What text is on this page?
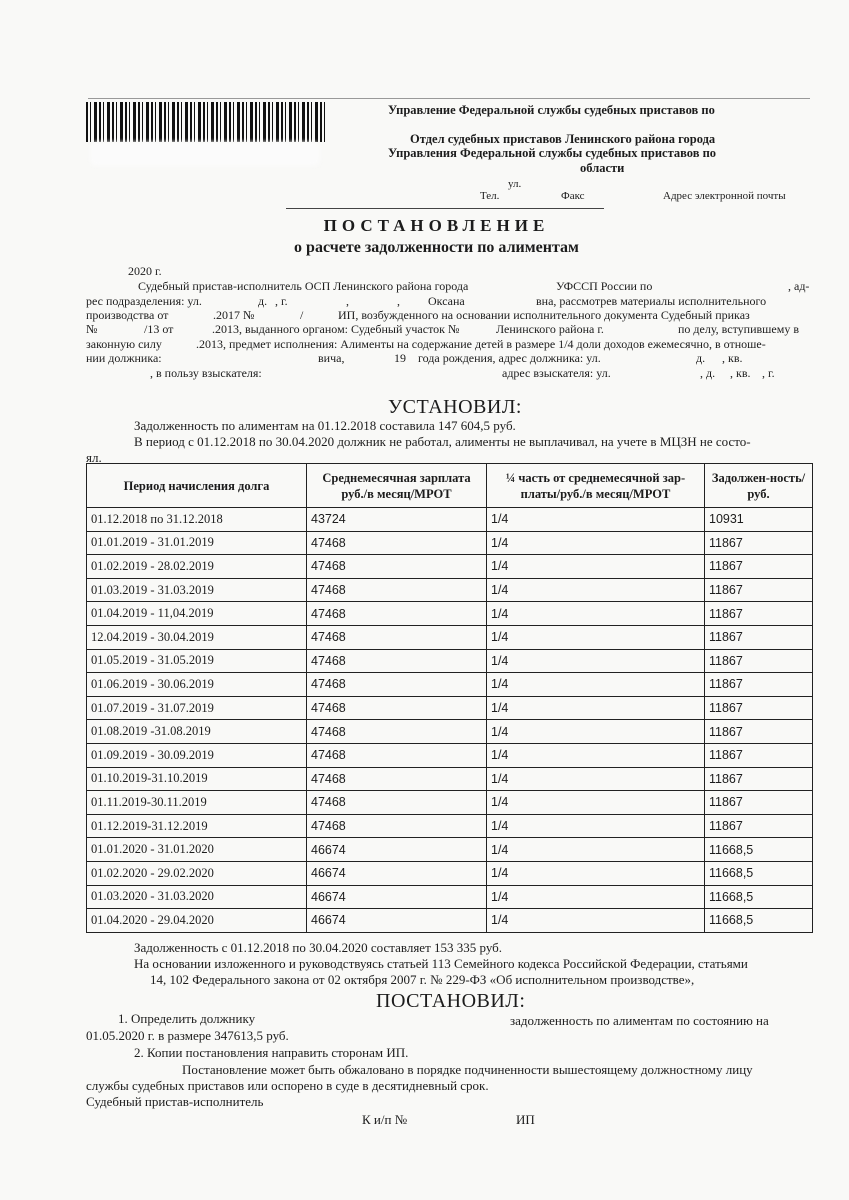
Управление Федеральной службы судебных приставов по
Отдел судебных приставов Ленинского района города
Управления Федеральной службы судебных приставов по
области
ул.
Тел.	Факс	Адрес электронной почты
ПОСТАНОВЛЕНИЕ
о расчете задолженности по алиментам
2020 г.
Судебный пристав-исполнитель ОСП Ленинского района города	УФССП России по	, ад-
рес подразделения: ул.	д. , г.	,	, Оксана	вна, рассмотрев материалы исполнительного
производства от	.2017 №	/	ИП, возбужденного на основании исполнительного документа Судебный приказ
№	/13 от	.2013, выданного органом: Судебный участок №	Ленинского района г.	по делу, вступившему в
законную силу	.2013, предмет исполнения: Алименты на содержание детей в размере 1/4 доли доходов ежемесячно, в отноше-
нии должника:	вича,	19 года рождения, адрес должника: ул.	д. , кв.
, в пользу взыскателя:	адрес взыскателя: ул.	, д. , кв. , г.
УСТАНОВИЛ:
Задолженность по алиментам на 01.12.2018 составила 147 604,5 руб.
В период с 01.12.2018 по 30.04.2020 должник не работал, алименты не выплачивал, на учете в МЦЗН не состо-
ял.
Период начисления долга	Среднемесячная зарплата руб./в месяц/МРОТ	¼ часть от среднемесячной зар-платы/руб./в месяц/МРОТ	Задолжен-ность/руб.
01.12.2018 по 31.12.2018	43724	1/4	10931
01.01.2019 - 31.01.2019	47468	1/4	11867
01.02.2019 - 28.02.2019	47468	1/4	11867
01.03.2019 - 31.03.2019	47468	1/4	11867
01.04.2019 - 11,04.2019	47468	1/4	11867
12.04.2019 - 30.04.2019	47468	1/4	11867
01.05.2019 - 31.05.2019	47468	1/4	11867
01.06.2019 - 30.06.2019	47468	1/4	11867
01.07.2019 - 31.07.2019	47468	1/4	11867
01.08.2019 -31.08.2019	47468	1/4	11867
01.09.2019 - 30.09.2019	47468	1/4	11867
01.10.2019-31.10.2019	47468	1/4	11867
01.11.2019-30.11.2019	47468	1/4	11867
01.12.2019-31.12.2019	47468	1/4	11867
01.01.2020 - 31.01.2020	46674	1/4	11668,5
01.02.2020 - 29.02.2020	46674	1/4	11668,5
01.03.2020 - 31.03.2020	46674	1/4	11668,5
01.04.2020 - 29.04.2020	46674	1/4	11668,5
Задолженность с 01.12.2018 по 30.04.2020 составляет 153 335 руб.
На основании изложенного и руководствуясь статьей 113 Семейного кодекса Российской Федерации, статьями
14, 102 Федерального закона от 02 октября 2007 г. № 229-ФЗ «Об исполнительном производстве»,
ПОСТАНОВИЛ:
1. Определить должнику	задолженность по алиментам по состоянию на
01.05.2020 г. в размере 347613,5 руб.
2. Копии постановления направить сторонам ИП.
Постановление может быть обжаловано в порядке подчиненности вышестоящему должностному лицу
службы судебных приставов или оспорено в суде в десятидневный срок.
Судебный пристав-исполнитель
К и/п №	ИП
